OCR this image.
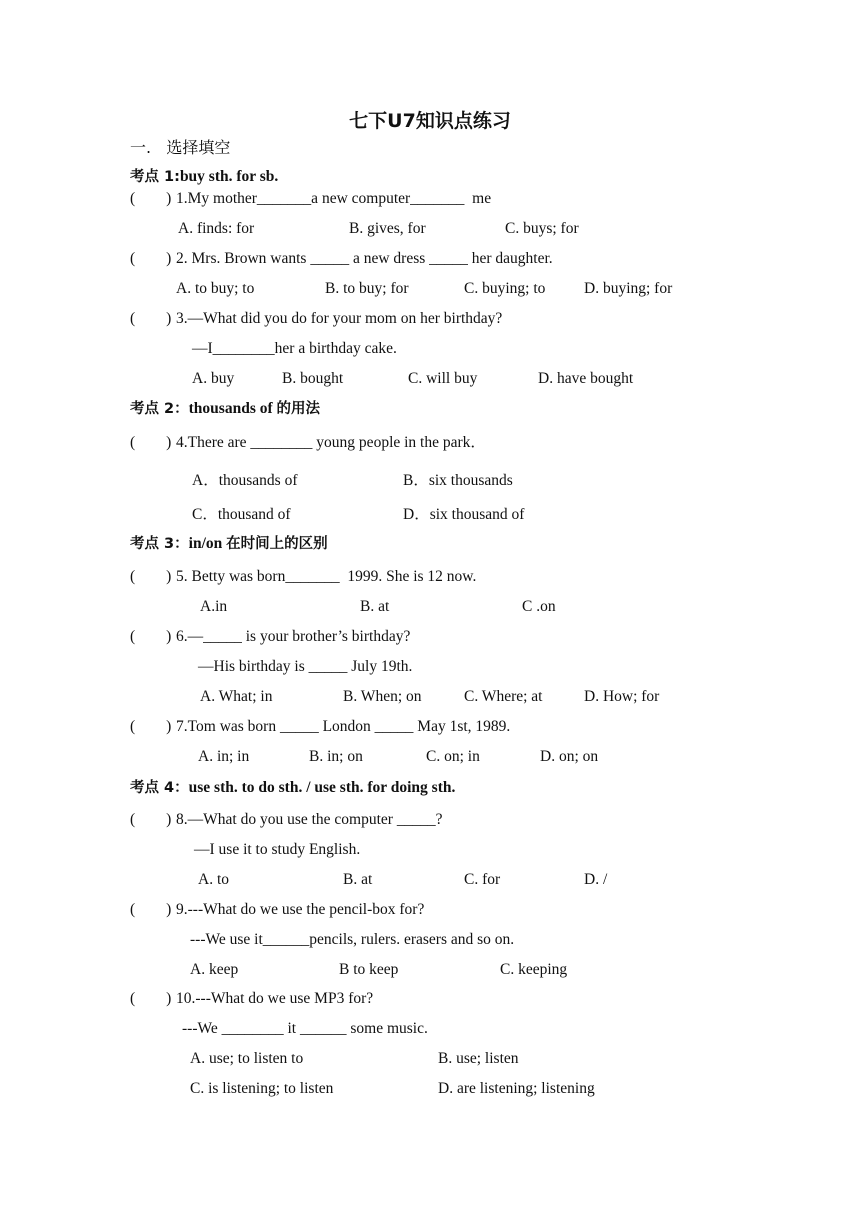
七下U7知识点练习
一. 选择填空
考点 1:buy sth. for sb.
(        ) 1.My mother_______a new computer_______  me
A. finds: for	B. gives, for	C. buys; for
(        ) 2. Mrs. Brown wants _____ a new dress _____ her daughter.
A. to buy; to	B. to buy; for	C. buying; to D. buying; for
(        ) 3.—What did you do for your mom on her birthday?
—I________her a birthday cake.
A. buy	B. bought	C. will buy	D. have bought
考点 2：thousands of 的用法
(        ) 4.There are ________ young people in the park．
A．thousands of	B．six thousands
C．thousand of	D．six thousand of
考点 3：in/on 在时间上的区别
(        ) 5. Betty was born_______  1999. She is 12 now.
A.in	B. at	C .on
(        ) 6.—_____ is your brother’s birthday?
—His birthday is _____ July 19th.
A. What; in	B. When; on	C. Where; at	D. How; for
(        ) 7.Tom was born _____ London _____ May 1st, 1989.
A. in; in	B. in; on	C. on; in	D. on; on
考点 4：use sth. to do sth. / use sth. for doing sth.
(        ) 8.—What do you use the computer _____?
—I use it to study English.
A. to	B. at	C. for	D. /
(        ) 9.---What do we use the pencil-box for?
---We use it______pencils, rulers. erasers and so on.
A. keep	B to keep	C. keeping
(        ) 10.---What do we use MP3 for?
---We ________ it ______ some music.
A. use; to listen to	B. use; listen
C. is listening; to listen	D. are listening; listening
